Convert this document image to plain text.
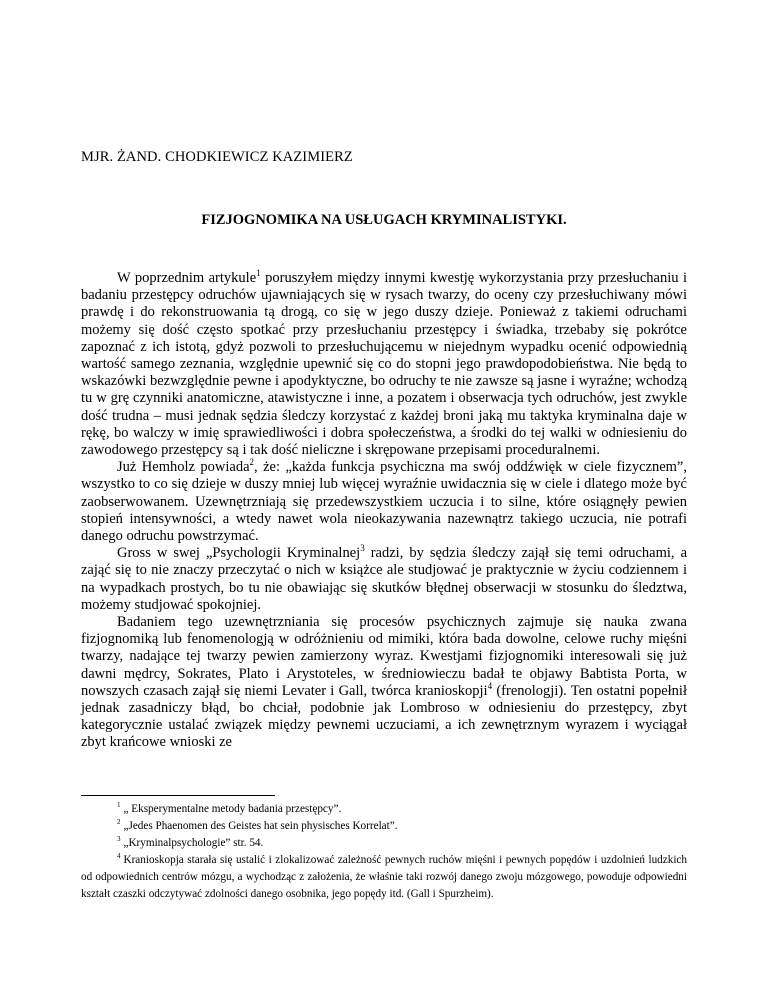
MJR. ŻAND. CHODKIEWICZ KAZIMIERZ

FIZJOGNOMIKA NA USŁUGACH KRYMINALISTYKI.

W poprzednim artykule$^1$ poruszyłem między innymi kwestję wykorzystania przy przesłuchaniu i badaniu przestępcy odruchów ujawniających się w rysach twarzy, do oceny czy przesłuchiwany mówi prawdę i do rekonstruowania tą drogą, co się w jego duszy dzieje. Ponieważ z takiemi odruchami możemy się dość często spotkać przy przesłuchaniu przestępcy i świadka, trzebaby się pokrótce zapoznać z ich istotą, gdyż pozwoli to przesłuchującemu w niejednym wypadku ocenić odpowiednią wartość samego zeznania, względnie upewnić się co do stopni jego prawdopodobieństwa. Nie będą to wskazówki bezwzględnie pewne i apodyktyczne, bo odruchy te nie zawsze są jasne i wyraźne; wchodzą tu w grę czynniki anatomiczne, atawistyczne i inne, a pozatem i obserwacja tych odruchów, jest zwykle dość trudna – musi jednak sędzia śledczy korzystać z każdej broni jaką mu taktyka kryminalna daje w rękę, bo walczy w imię sprawiedliwości i dobra społeczeństwa, a środki do tej walki w odniesieniu do zawodowego przestępcy są i tak dość nieliczne i skrępowane przepisami proceduralnemi.

Już Hemholz powiada$^2$, że: „każda funkcja psychiczna ma swój oddźwięk w ciele fizycznem”, wszystko to co się dzieje w duszy mniej lub więcej wyraźnie uwidacznia się w ciele i dlatego może być zaobserwowanem. Uzewnętrzniają się przedewszystkiem uczucia i to silne, które osiągnęły pewien stopień intensywności, a wtedy nawet wola nieokazywania nazewnątrz takiego uczucia, nie potrafi danego odruchu powstrzymać.

Gross w swej „Psychologii Kryminalnej$^3$ radzi, by sędzia śledczy zajął się temi odruchami, a zająć się to nie znaczy przeczytać o nich w książce ale studjować je praktycznie w życiu codziennem i na wypadkach prostych, bo tu nie obawiając się skutków błędnej obserwacji w stosunku do śledztwa, możemy studjować spokojniej.

Badaniem tego uzewnętrzniania się procesów psychicznych zajmuje się nauka zwana fizjognomiką lub fenomenologją w odróżnieniu od mimiki, która bada dowolne, celowe ruchy mięśni twarzy, nadające tej twarzy pewien zamierzony wyraz. Kwestjami fizjognomiki interesowali się już dawni mędrcy, Sokrates, Plato i Arystoteles, w średniowieczu badał te objawy Babtista Porta, w nowszych czasach zajął się niemi Levater i Gall, twórca kranioskopji$^4$ (frenologji). Ten ostatni popełnił jednak zasadniczy błąd, bo chciał, podobnie jak Lombroso w odniesieniu do przestępcy, zbyt kategorycznie ustalać związek między pewnemi uczuciami, a ich zewnętrznym wyrazem i wyciągał zbyt krańcowe wnioski ze

$^1$ „ Eksperymentalne metody badania przestępcy”.

$^2$ „Jedes Phaenomen des Geistes hat sein physisches Korrelat”.

$^3$ „Kryminalpsychologie” str. 54.

$^4$ Kranioskopja starała się ustalić i zlokalizować zależność pewnych ruchów mięśni i pewnych popędów i uzdolnień ludzkich od odpowiednich centrów mózgu, a wychodząc z założenia, że właśnie taki rozwój danego zwoju mózgowego, powoduje odpowiedni kształt czaszki odczytywać zdolności danego osobnika, jego popędy itd. (Gall i Spurzheim).
